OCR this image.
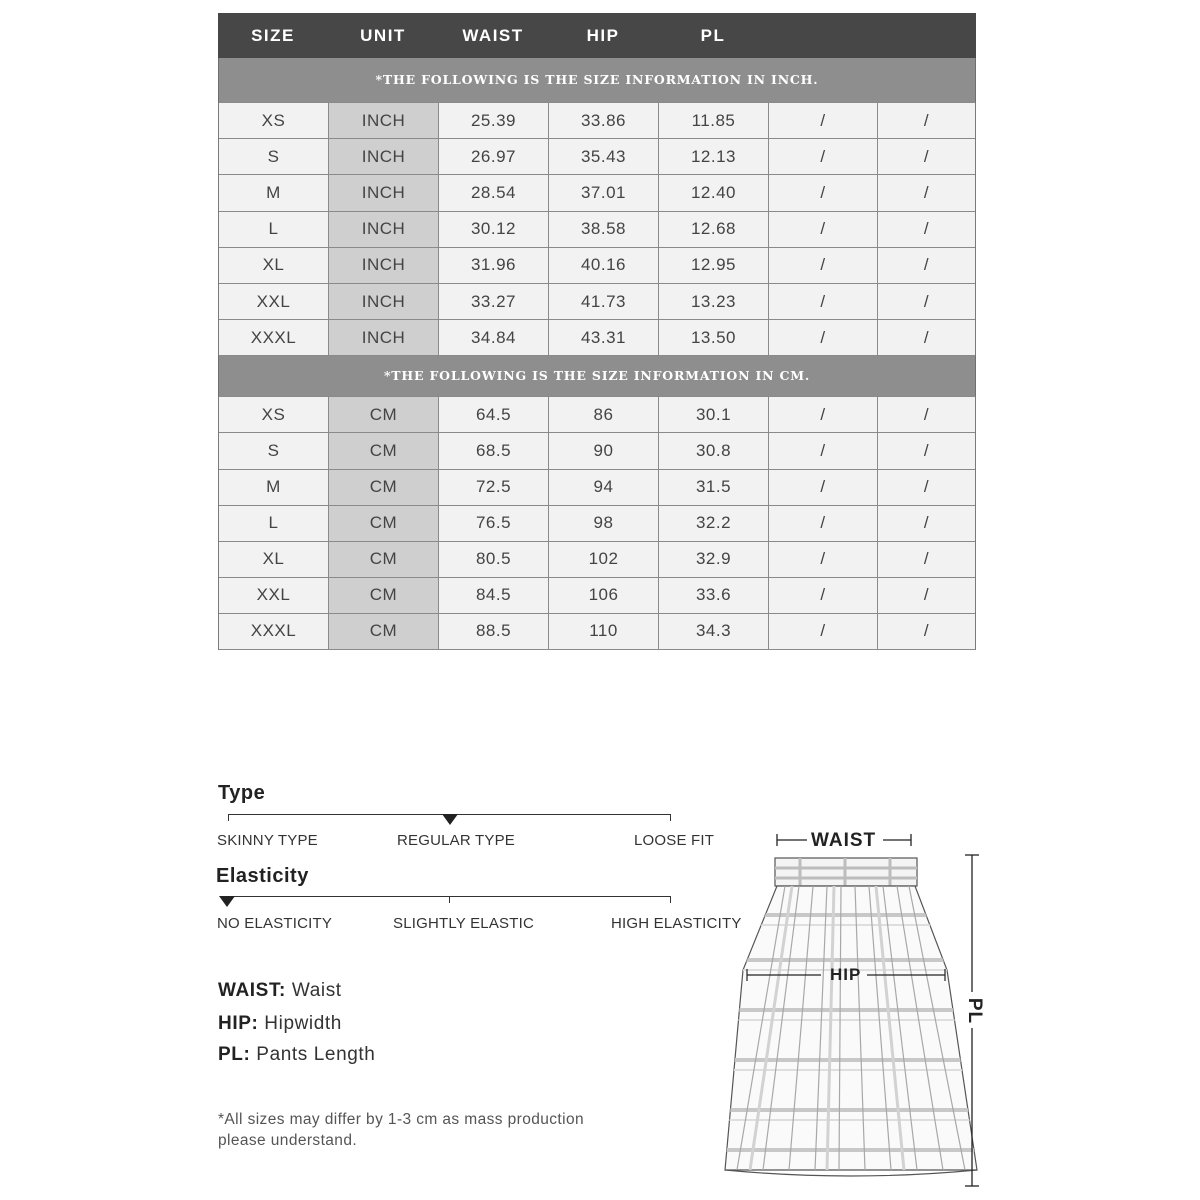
SIZE	UNIT	WAIST	HIP	PL
*THE FOLLOWING IS THE SIZE INFORMATION IN INCH.
XS	INCH	25.39	33.86	11.85	/	/
S	INCH	26.97	35.43	12.13	/	/
M	INCH	28.54	37.01	12.40	/	/
L	INCH	30.12	38.58	12.68	/	/
XL	INCH	31.96	40.16	12.95	/	/
XXL	INCH	33.27	41.73	13.23	/	/
XXXL	INCH	34.84	43.31	13.50	/	/
*THE FOLLOWING IS THE SIZE INFORMATION IN CM.
XS	CM	64.5	86	30.1	/	/
S	CM	68.5	90	30.8	/	/
M	CM	72.5	94	31.5	/	/
L	CM	76.5	98	32.2	/	/
XL	CM	80.5	102	32.9	/	/
XXL	CM	84.5	106	33.6	/	/
XXXL	CM	88.5	110	34.3	/	/
Type
SKINNY TYPE	REGULAR TYPE	LOOSE FIT
Elasticity
NO ELASTICITY	SLIGHTLY ELASTIC	HIGH ELASTICITY
WAIST: Waist
HIP: Hipwidth
PL: Pants Length
*All sizes may differ by 1-3 cm as mass production
please understand.
WAIST
HIP
PL
